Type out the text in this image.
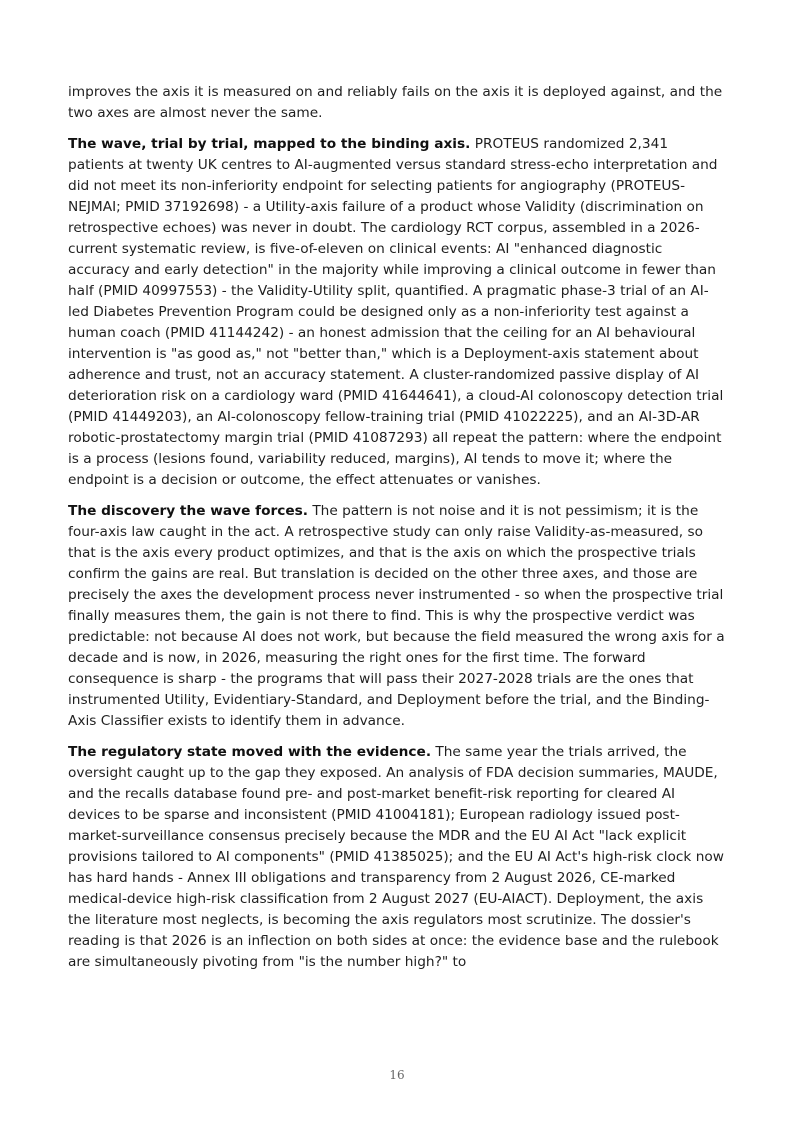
improves the axis it is measured on and reliably fails on the axis it is deployed against, and the two axes are almost never the same.

The wave, trial by trial, mapped to the binding axis. PROTEUS randomized 2,341 patients at twenty UK centres to AI-augmented versus standard stress-echo interpretation and did not meet its non-inferiority endpoint for selecting patients for angiography (PROTEUS-NEJMAI; PMID 37192698) - a Utility-axis failure of a product whose Validity (discrimination on retrospective echoes) was never in doubt. The cardiology RCT corpus, assembled in a 2026-current systematic review, is five-of-eleven on clinical events: AI "enhanced diagnostic accuracy and early detection" in the majority while improving a clinical outcome in fewer than half (PMID 40997553) - the Validity-Utility split, quantified. A pragmatic phase-3 trial of an AI-led Diabetes Prevention Program could be designed only as a non-inferiority test against a human coach (PMID 41144242) - an honest admission that the ceiling for an AI behavioural intervention is "as good as," not "better than," which is a Deployment-axis statement about adherence and trust, not an accuracy statement. A cluster-randomized passive display of AI deterioration risk on a cardiology ward (PMID 41644641), a cloud-AI colonoscopy detection trial (PMID 41449203), an AI-colonoscopy fellow-training trial (PMID 41022225), and an AI-3D-AR robotic-prostatectomy margin trial (PMID 41087293) all repeat the pattern: where the endpoint is a process (lesions found, variability reduced, margins), AI tends to move it; where the endpoint is a decision or outcome, the effect attenuates or vanishes.

The discovery the wave forces. The pattern is not noise and it is not pessimism; it is the four-axis law caught in the act. A retrospective study can only raise Validity-as-measured, so that is the axis every product optimizes, and that is the axis on which the prospective trials confirm the gains are real. But translation is decided on the other three axes, and those are precisely the axes the development process never instrumented - so when the prospective trial finally measures them, the gain is not there to find. This is why the prospective verdict was predictable: not because AI does not work, but because the field measured the wrong axis for a decade and is now, in 2026, measuring the right ones for the first time. The forward consequence is sharp - the programs that will pass their 2027-2028 trials are the ones that instrumented Utility, Evidentiary-Standard, and Deployment before the trial, and the Binding-Axis Classifier exists to identify them in advance.

The regulatory state moved with the evidence. The same year the trials arrived, the oversight caught up to the gap they exposed. An analysis of FDA decision summaries, MAUDE, and the recalls database found pre- and post-market benefit-risk reporting for cleared AI devices to be sparse and inconsistent (PMID 41004181); European radiology issued post-market-surveillance consensus precisely because the MDR and the EU AI Act "lack explicit provisions tailored to AI components" (PMID 41385025); and the EU AI Act's high-risk clock now has hard hands - Annex III obligations and transparency from 2 August 2026, CE-marked medical-device high-risk classification from 2 August 2027 (EU-AIACT). Deployment, the axis the literature most neglects, is becoming the axis regulators most scrutinize. The dossier's reading is that 2026 is an inflection on both sides at once: the evidence base and the rulebook are simultaneously pivoting from "is the number high?" to

16
